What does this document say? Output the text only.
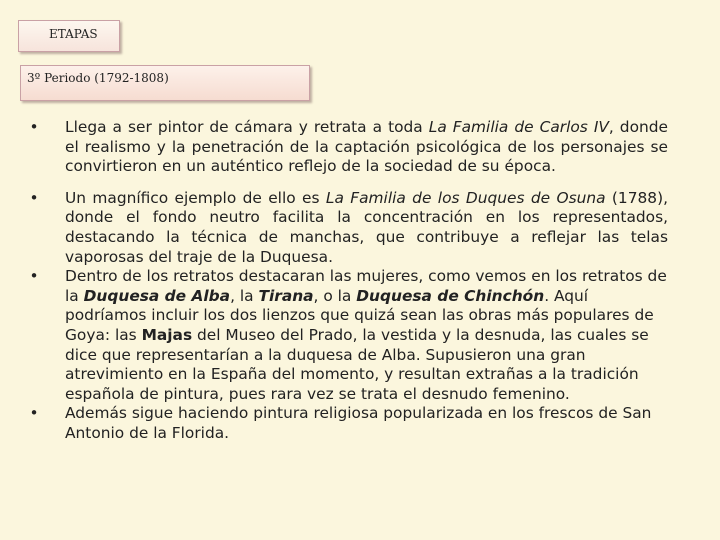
ETAPAS
3º Periodo (1792-1808)
• Llega a ser pintor de cámara y retrata a toda La Familia de Carlos IV, donde el realismo y la penetración de la captación psicológica de los personajes se convirtieron en un auténtico reflejo de la sociedad de su época.
• Un magnífico ejemplo de ello es La Familia de los Duques de Osuna (1788), donde el fondo neutro facilita la concentración en los representados, destacando la técnica de manchas, que contribuye a reflejar las telas vaporosas del traje de la Duquesa.
• Dentro de los retratos destacaran las mujeres, como vemos en los retratos de la Duquesa de Alba, la Tirana, o la Duquesa de Chinchón. Aquí podríamos incluir los dos lienzos que quizá sean las obras más populares de Goya: las Majas del Museo del Prado, la vestida y la desnuda, las cuales se dice que representarían a la duquesa de Alba. Supusieron una gran atrevimiento en la España del momento, y resultan extrañas a la tradición española de pintura, pues rara vez se trata el desnudo femenino.
• Además sigue haciendo pintura religiosa popularizada en los frescos de San Antonio de la Florida.
